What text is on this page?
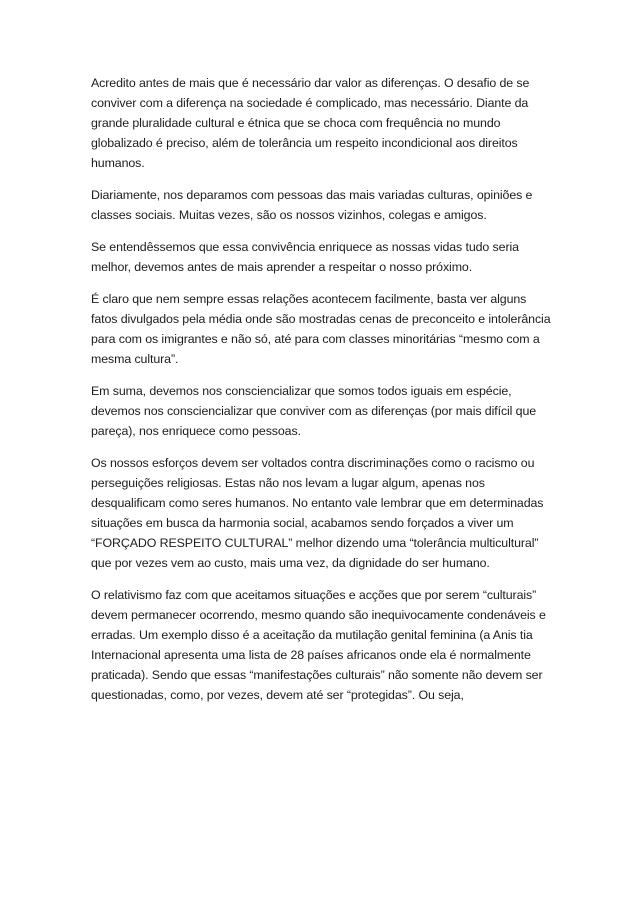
Acredito antes de mais que é necessário dar valor as diferenças. O desafio de se conviver com a diferença na sociedade é complicado, mas necessário. Diante da grande pluralidade cultural e étnica que se choca com frequência no mundo globalizado é preciso, além de tolerância um respeito incondicional aos direitos humanos.

Diariamente, nos deparamos com pessoas das mais variadas culturas, opiniões e classes sociais. Muitas vezes, são os nossos vizinhos, colegas e amigos.

Se entendêssemos que essa convivência enriquece as nossas vidas tudo seria melhor, devemos antes de mais aprender a respeitar o nosso próximo.

É claro que nem sempre essas relações acontecem facilmente, basta ver alguns fatos divulgados pela média onde são mostradas cenas de preconceito e intolerância para com os imigrantes e não só, até para com classes minoritárias “mesmo com a mesma cultura”.

Em suma, devemos nos consciencializar que somos todos iguais em espécie, devemos nos consciencializar que conviver com as diferenças (por mais difícil que pareça), nos enriquece como pessoas.

Os nossos esforços devem ser voltados contra discriminações como o racismo ou perseguições religiosas. Estas não nos levam a lugar algum, apenas nos desqualificam como seres humanos. No entanto vale lembrar que em determinadas situações em busca da harmonia social, acabamos sendo forçados a viver um “FORÇADO RESPEITO CULTURAL” melhor dizendo uma “tolerância multicultural” que por vezes vem ao custo, mais uma vez, da dignidade do ser humano.

O relativismo faz com que aceitamos situações e acções que por serem “culturais” devem permanecer ocorrendo, mesmo quando são inequivocamente condenáveis e erradas. Um exemplo disso é a aceitação da mutilação genital feminina (a Anis tia Internacional apresenta uma lista de 28 países africanos onde ela é normalmente praticada). Sendo que essas “manifestações culturais” não somente não devem ser questionadas, como, por vezes, devem até ser “protegidas”. Ou seja,
